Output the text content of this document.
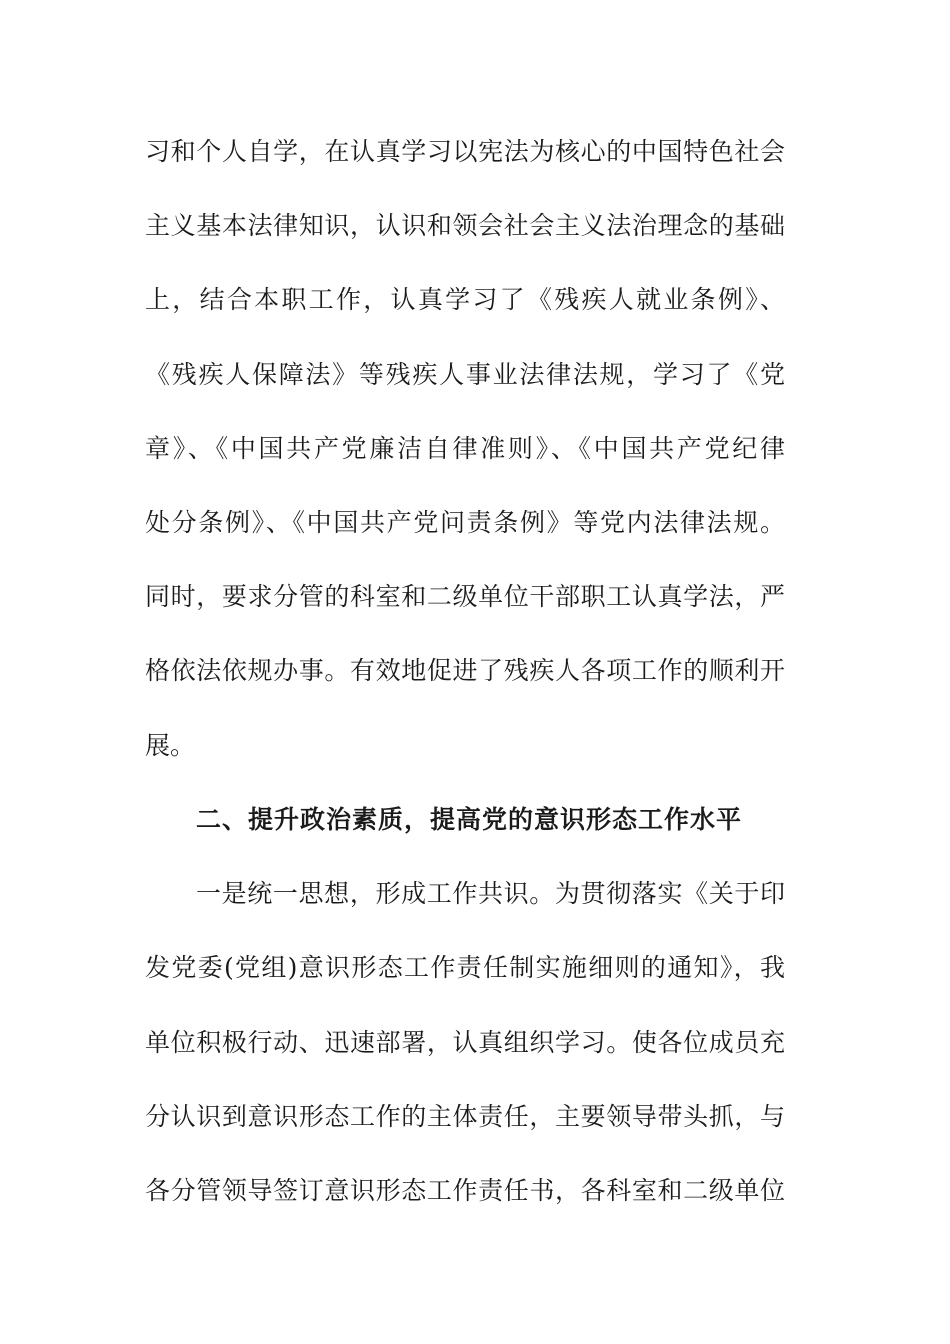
习和个人自学，在认真学习以宪法为核心的中国特色社会
主义基本法律知识，认识和领会社会主义法治理念的基础
上，结合本职工作，认真学习了《残疾人就业条例》、
《残疾人保障法》等残疾人事业法律法规，学习了《党
章》、《中国共产党廉洁自律准则》、《中国共产党纪律
处分条例》、《中国共产党问责条例》等党内法律法规。
同时，要求分管的科室和二级单位干部职工认真学法，严
格依法依规办事。有效地促进了残疾人各项工作的顺利开
展。
二、提升政治素质，提高党的意识形态工作水平
一是统一思想，形成工作共识。为贯彻落实《关于印
发党委(党组)意识形态工作责任制实施细则的通知》，我
单位积极行动、迅速部署，认真组织学习。使各位成员充
分认识到意识形态工作的主体责任，主要领导带头抓，与
各分管领导签订意识形态工作责任书，各科室和二级单位
